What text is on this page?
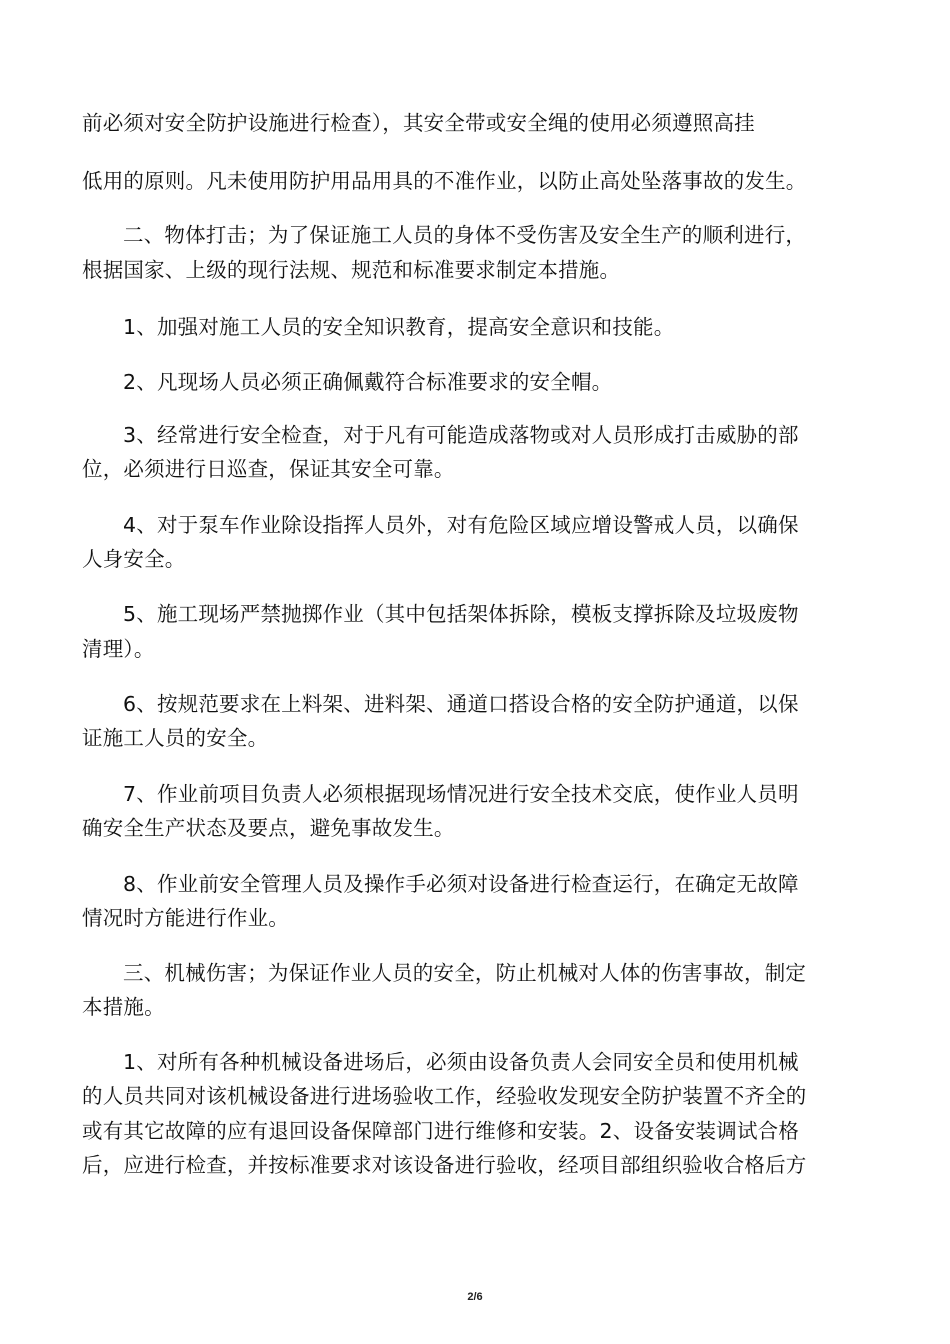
前必须对安全防护设施进行检查），其安全带或安全绳的使用必须遵照高挂
低用的原则。凡未使用防护用品用具的不准作业，以防止高处坠落事故的发生。
二、物体打击；为了保证施工人员的身体不受伤害及安全生产的顺利进行，
根据国家、上级的现行法规、规范和标准要求制定本措施。
1、加强对施工人员的安全知识教育，提高安全意识和技能。
2、凡现场人员必须正确佩戴符合标准要求的安全帽。
3、经常进行安全检查，对于凡有可能造成落物或对人员形成打击威胁的部
位，必须进行日巡查，保证其安全可靠。
4、对于泵车作业除设指挥人员外，对有危险区域应增设警戒人员，以确保
人身安全。
5、施工现场严禁抛掷作业（其中包括架体拆除，模板支撑拆除及垃圾废物
清理）。
6、按规范要求在上料架、进料架、通道口搭设合格的安全防护通道，以保
证施工人员的安全。
7、作业前项目负责人必须根据现场情况进行安全技术交底，使作业人员明
确安全生产状态及要点，避免事故发生。
8、作业前安全管理人员及操作手必须对设备进行检查运行，在确定无故障
情况时方能进行作业。
三、机械伤害；为保证作业人员的安全，防止机械对人体的伤害事故，制定
本措施。
1、对所有各种机械设备进场后，必须由设备负责人会同安全员和使用机械
的人员共同对该机械设备进行进场验收工作，经验收发现安全防护装置不齐全的
或有其它故障的应有退回设备保障部门进行维修和安装。2、设备安装调试合格
后，应进行检查，并按标准要求对该设备进行验收，经项目部组织验收合格后方
2/6
